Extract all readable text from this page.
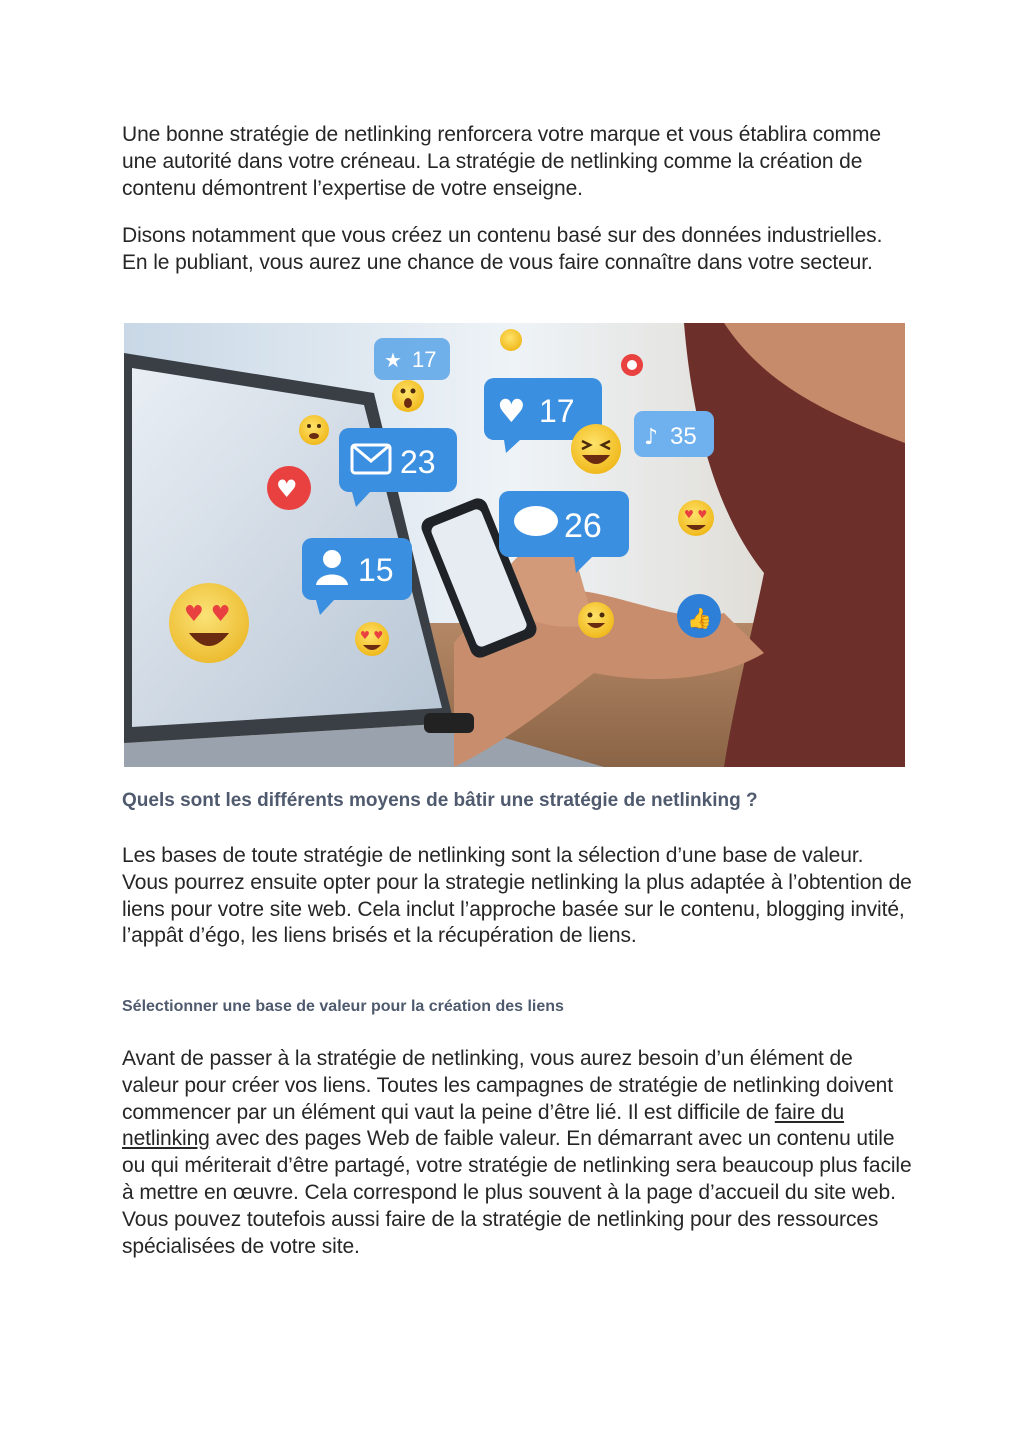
Une bonne stratégie de netlinking renforcera votre marque et vous établira comme une autorité dans votre créneau. La stratégie de netlinking comme la création de contenu démontrent l’expertise de votre enseigne.

Disons notamment que vous créez un contenu basé sur des données industrielles. En le publiant, vous aurez une chance de vous faire connaître dans votre secteur.

★ 17
♥ 17
♪ 35
23
26
15
♥
👍
♥ ♥
♥ ♥
♥ ♥
Quels sont les différents moyens de bâtir une stratégie de netlinking ?

Les bases de toute stratégie de netlinking sont la sélection d’une base de valeur. Vous pourrez ensuite opter pour la strategie netlinking la plus adaptée à l’obtention de liens pour votre site web. Cela inclut l’approche basée sur le contenu, blogging invité, l’appât d’égo, les liens brisés et la récupération de liens.

Sélectionner une base de valeur pour la création des liens

Avant de passer à la stratégie de netlinking, vous aurez besoin d’un élément de valeur pour créer vos liens. Toutes les campagnes de stratégie de netlinking doivent commencer par un élément qui vaut la peine d’être lié. Il est difficile de faire du netlinking avec des pages Web de faible valeur. En démarrant avec un contenu utile ou qui mériterait d’être partagé, votre stratégie de netlinking sera beaucoup plus facile à mettre en œuvre. Cela correspond le plus souvent à la page d’accueil du site web. Vous pouvez toutefois aussi faire de la stratégie de netlinking pour des ressources spécialisées de votre site.
